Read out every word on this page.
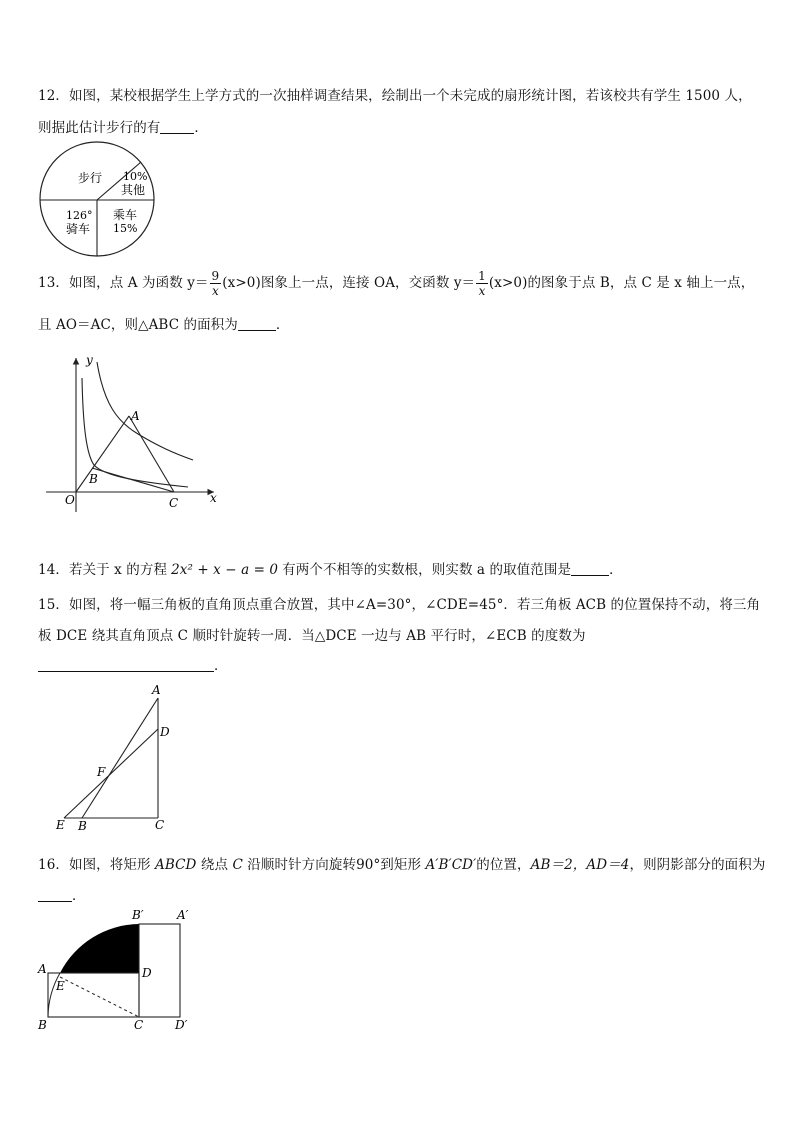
12．如图，某校根据学生上学方式的一次抽样调查结果，绘制出一个未完成的扇形统计图，若该校共有学生 1500 人，
则据此估计步行的有	．
步行 10%
其他
126°
骑车
乘车
15%
13．如图，点 A 为函数 $y= \frac{9}{x} (x>0)$图象上一点，连接 OA，交函数 $y= \frac{1}{x} (x>0)$的图象于点 B，点 C 是 x 轴上一点，
且 AO＝AC，则△ABC 的面积为	．
y
x
O
A
B
C
14．若关于 x 的方程 2x² + x − a = 0 有两个不相等的实数根，则实数 a 的取值范围是	．
15．如图，将一幅三角板的直角顶点重合放置，其中∠A=30°，∠CDE=45°．若三角板 ACB 的位置保持不动，将三角
板 DCE 绕其直角顶点 C 顺时针旋转一周．当△DCE 一边与 AB 平行时，∠ECB 的度数为
．
A
D
F
E B	C
16．如图，将矩形 ABCD 绕点 C 沿顺时针方向旋转90°到矩形 A′B′CD′的位置，AB＝2，AD＝4，则阴影部分的面积为
．
B′	A′
A	D
E
B	C	D′
